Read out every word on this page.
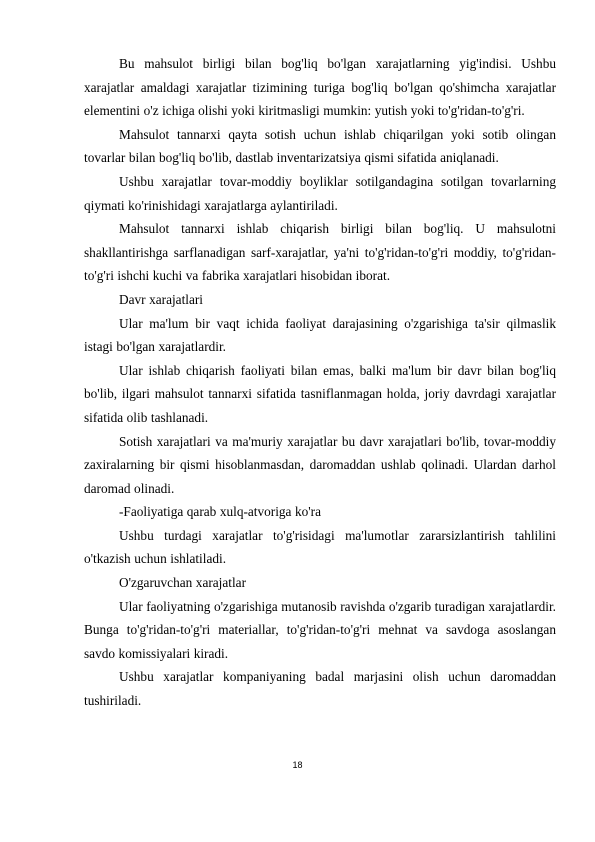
Bu mahsulot birligi bilan bog'liq bo'lgan xarajatlarning yig'indisi. Ushbu xarajatlar amaldagi xarajatlar tizimining turiga bog'liq bo'lgan qo'shimcha xarajatlar elementini o'z ichiga olishi yoki kiritmasligi mumkin: yutish yoki to'g'ridan-to'g'ri.

Mahsulot tannarxi qayta sotish uchun ishlab chiqarilgan yoki sotib olingan tovarlar bilan bog'liq bo'lib, dastlab inventarizatsiya qismi sifatida aniqlanadi.

Ushbu xarajatlar tovar-moddiy boyliklar sotilgandagina sotilgan tovarlarning qiymati ko'rinishidagi xarajatlarga aylantiriladi.

Mahsulot tannarxi ishlab chiqarish birligi bilan bog'liq. U mahsulotni shakllantirishga sarflanadigan sarf-xarajatlar, ya'ni to'g'ridan-to'g'ri moddiy, to'g'ridan-to'g'ri ishchi kuchi va fabrika xarajatlari hisobidan iborat.

Davr xarajatlari

Ular ma'lum bir vaqt ichida faoliyat darajasining o'zgarishiga ta'sir qilmaslik istagi bo'lgan xarajatlardir.

Ular ishlab chiqarish faoliyati bilan emas, balki ma'lum bir davr bilan bog'liq bo'lib, ilgari mahsulot tannarxi sifatida tasniflanmagan holda, joriy davrdagi xarajatlar sifatida olib tashlanadi.

Sotish xarajatlari va ma'muriy xarajatlar bu davr xarajatlari bo'lib, tovar-moddiy zaxiralarning bir qismi hisoblanmasdan, daromaddan ushlab qolinadi. Ulardan darhol daromad olinadi.

-Faoliyatiga qarab xulq-atvoriga ko'ra

Ushbu turdagi xarajatlar to'g'risidagi ma'lumotlar zararsizlantirish tahlilini o'tkazish uchun ishlatiladi.

O'zgaruvchan xarajatlar

Ular faoliyatning o'zgarishiga mutanosib ravishda o'zgarib turadigan xarajatlardir. Bunga to'g'ridan-to'g'ri materiallar, to'g'ridan-to'g'ri mehnat va savdoga asoslangan savdo komissiyalari kiradi.

Ushbu xarajatlar kompaniyaning badal marjasini olish uchun daromaddan tushiriladi.

18
